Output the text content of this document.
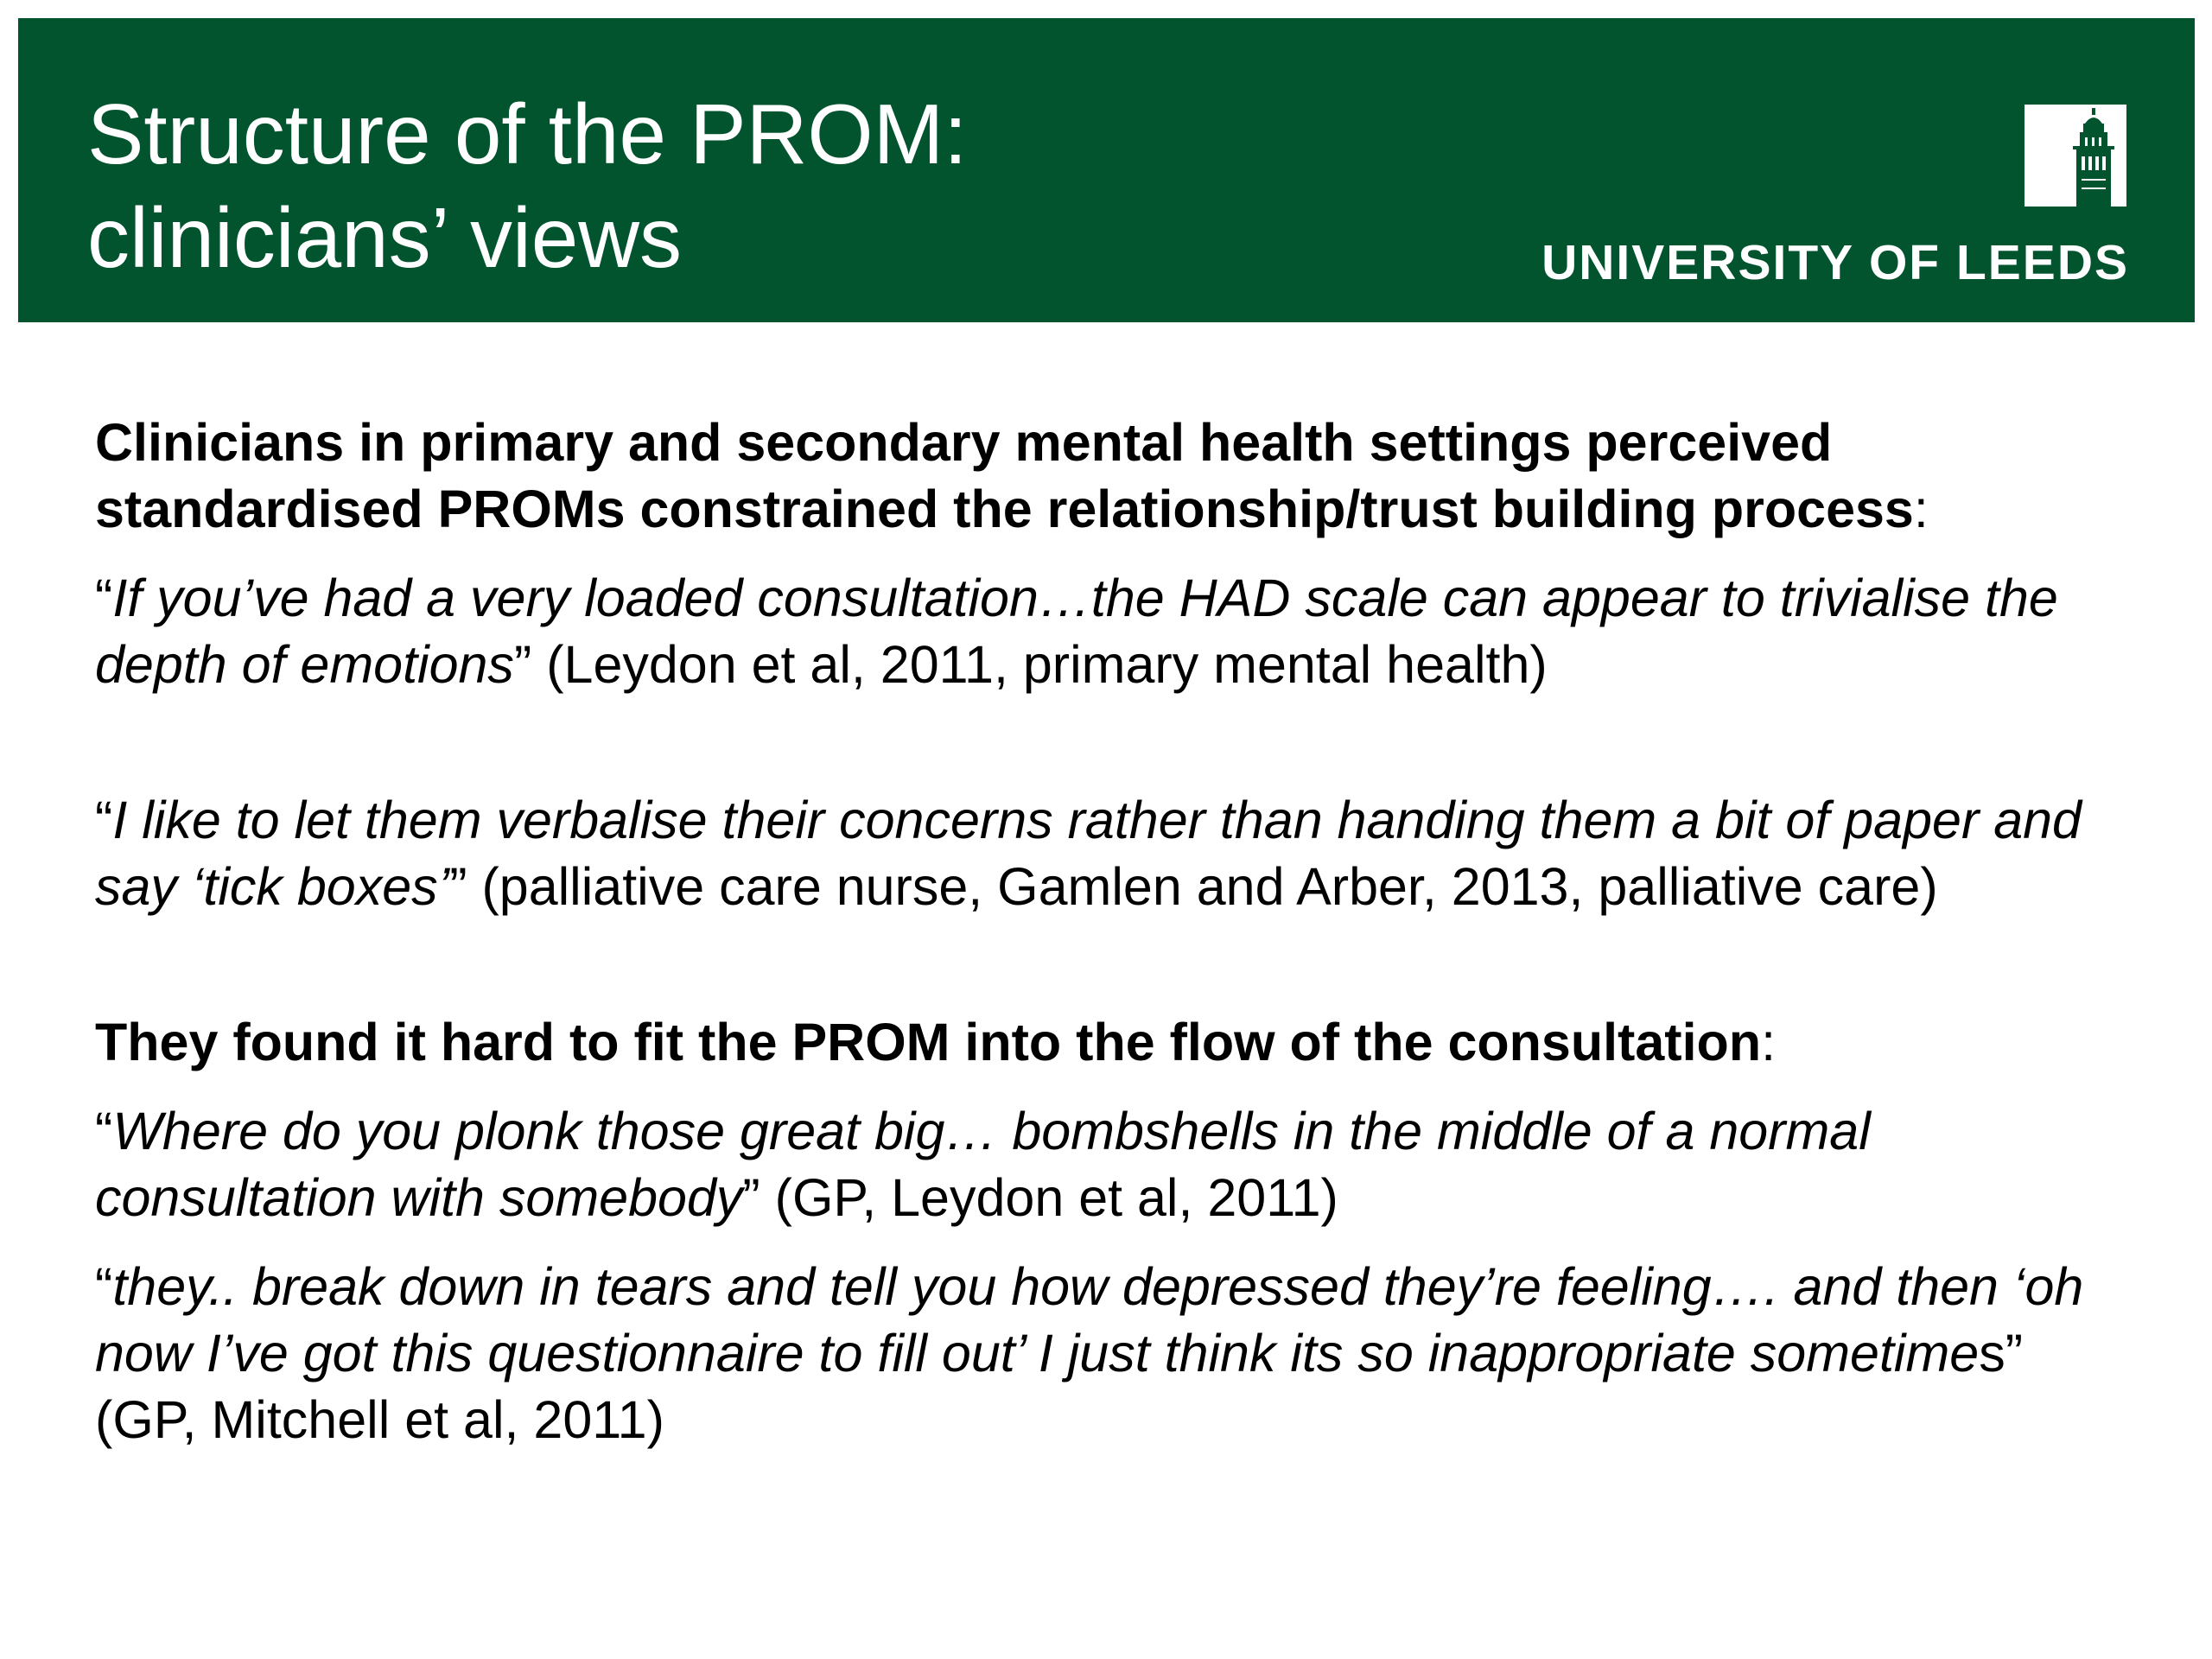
Structure of the PROM:
clinicians’ views	UNIVERSITY OF LEEDS

Clinicians in primary and secondary mental health settings perceived standardised PROMs constrained the relationship/trust building process:

“If you’ve had a very loaded consultation…the HAD scale can appear to trivialise the depth of emotions” (Leydon et al, 2011, primary mental health)

“I like to let them verbalise their concerns rather than handing them a bit of paper and say ‘tick boxes’” (palliative care nurse, Gamlen and Arber, 2013, palliative care)

They found it hard to fit the PROM into the flow of the consultation:

“Where do you plonk those great big… bombshells in the middle of a normal consultation with somebody” (GP, Leydon et al, 2011)

“they.. break down in tears and tell you how depressed they’re feeling…. and then ‘oh now I’ve got this questionnaire to fill out’ I just think its so inappropriate sometimes” (GP, Mitchell et al, 2011)
